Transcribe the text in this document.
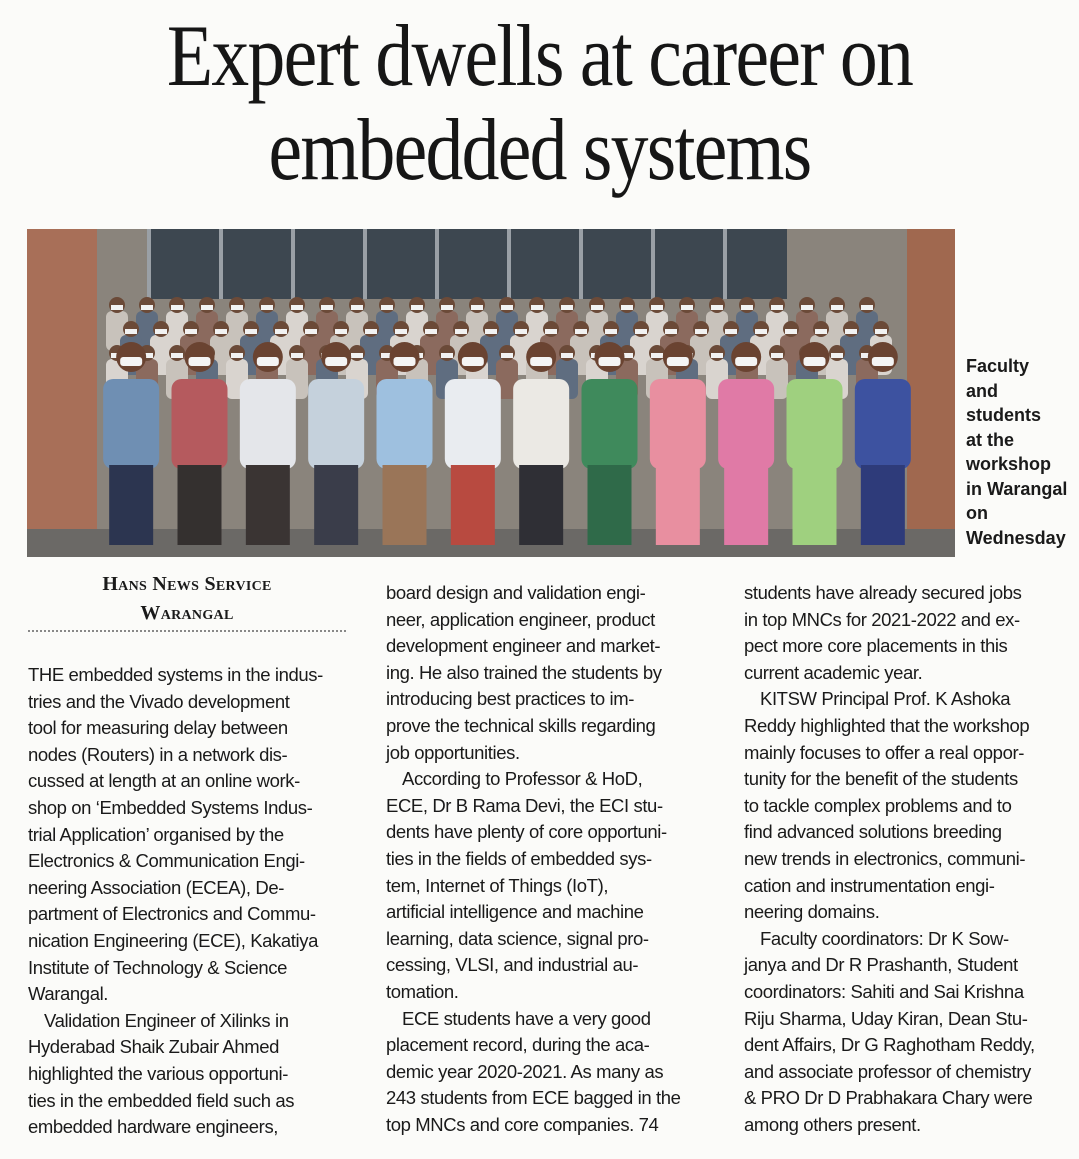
Expert dwells at career on
embedded systems
Faculty
and
students
at the
workshop
in Warangal
on
Wednesday
Hans News Service
Warangal

THE embedded systems in the indus-
tries and the Vivado development
tool for measuring delay between
nodes (Routers) in a network dis-
cussed at length at an online work-
shop on ‘Embedded Systems Indus-
trial Application’ organised by the
Electronics & Communication Engi-
neering Association (ECEA), De-
partment of Electronics and Commu-
nication Engineering (ECE), Kakatiya
Institute of Technology & Science
Warangal.

Validation Engineer of Xilinks in
Hyderabad Shaik Zubair Ahmed
highlighted the various opportuni-
ties in the embedded field such as
embedded hardware engineers,

board design and validation engi-
neer, application engineer, product
development engineer and market-
ing. He also trained the students by
introducing best practices to im-
prove the technical skills regarding
job opportunities.

According to Professor & HoD,
ECE, Dr B Rama Devi, the ECI stu-
dents have plenty of core opportuni-
ties in the fields of embedded sys-
tem, Internet of Things (IoT),
artificial intelligence and machine
learning, data science, signal pro-
cessing, VLSI, and industrial au-
tomation.

ECE students have a very good
placement record, during the aca-
demic year 2020-2021. As many as
243 students from ECE bagged in the
top MNCs and core companies. 74

students have already secured jobs
in top MNCs for 2021-2022 and ex-
pect more core placements in this
current academic year.

KITSW Principal Prof. K Ashoka
Reddy highlighted that the workshop
mainly focuses to offer a real oppor-
tunity for the benefit of the students
to tackle complex problems and to
find advanced solutions breeding
new trends in electronics, communi-
cation and instrumentation engi-
neering domains.

Faculty coordinators: Dr K Sow-
janya and Dr R Prashanth, Student
coordinators: Sahiti and Sai Krishna
Riju Sharma, Uday Kiran, Dean Stu-
dent Affairs, Dr G Raghotham Reddy,
and associate professor of chemistry
& PRO Dr D Prabhakara Chary were
among others present.
